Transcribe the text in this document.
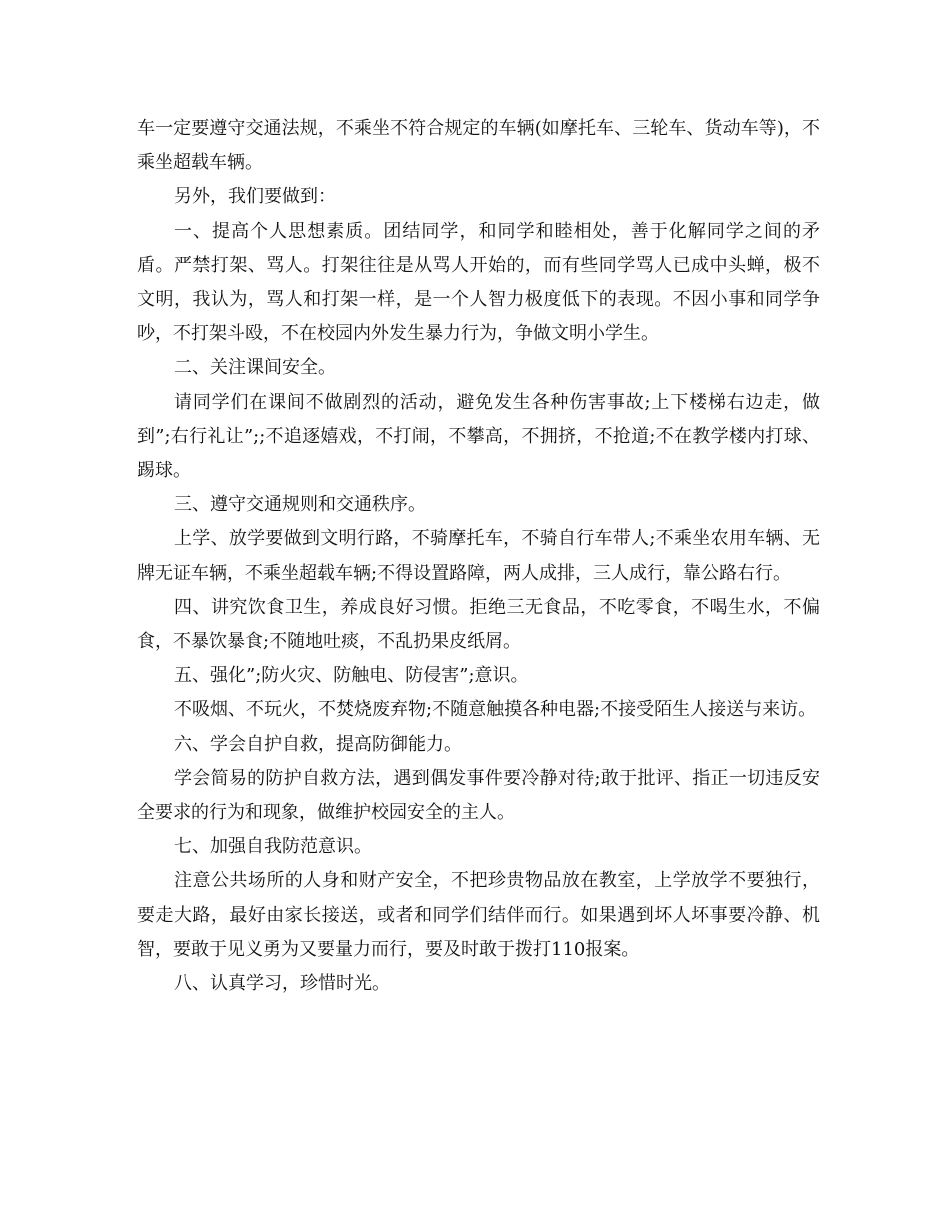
车一定要遵守交通法规，不乘坐不符合规定的车辆(如摩托车、三轮车、货动车等)，不乘坐超载车辆。

另外，我们要做到：

一、提高个人思想素质。团结同学，和同学和睦相处，善于化解同学之间的矛盾。严禁打架、骂人。打架往往是从骂人开始的，而有些同学骂人已成中头蝉，极不文明，我认为，骂人和打架一样，是一个人智力极度低下的表现。不因小事和同学争吵，不打架斗殴，不在校园内外发生暴力行为，争做文明小学生。

二、关注课间安全。

请同学们在课间不做剧烈的活动，避免发生各种伤害事故;上下楼梯右边走，做到”;右行礼让”;;不追逐嬉戏，不打闹，不攀高，不拥挤，不抢道;不在教学楼内打球、踢球。

三、遵守交通规则和交通秩序。

上学、放学要做到文明行路，不骑摩托车，不骑自行车带人;不乘坐农用车辆、无牌无证车辆，不乘坐超载车辆;不得设置路障，两人成排，三人成行，靠公路右行。

四、讲究饮食卫生，养成良好习惯。拒绝三无食品，不吃零食，不喝生水，不偏食，不暴饮暴食;不随地吐痰，不乱扔果皮纸屑。

五、强化”;防火灾、防触电、防侵害”;意识。

不吸烟、不玩火，不焚烧废弃物;不随意触摸各种电器;不接受陌生人接送与来访。

六、学会自护自救，提高防御能力。

学会简易的防护自救方法，遇到偶发事件要冷静对待;敢于批评、指正一切违反安全要求的行为和现象，做维护校园安全的主人。

七、加强自我防范意识。

注意公共场所的人身和财产安全，不把珍贵物品放在教室，上学放学不要独行，要走大路，最好由家长接送，或者和同学们结伴而行。如果遇到坏人坏事要冷静、机智，要敢于见义勇为又要量力而行，要及时敢于拨打110报案。

八、认真学习，珍惜时光。
